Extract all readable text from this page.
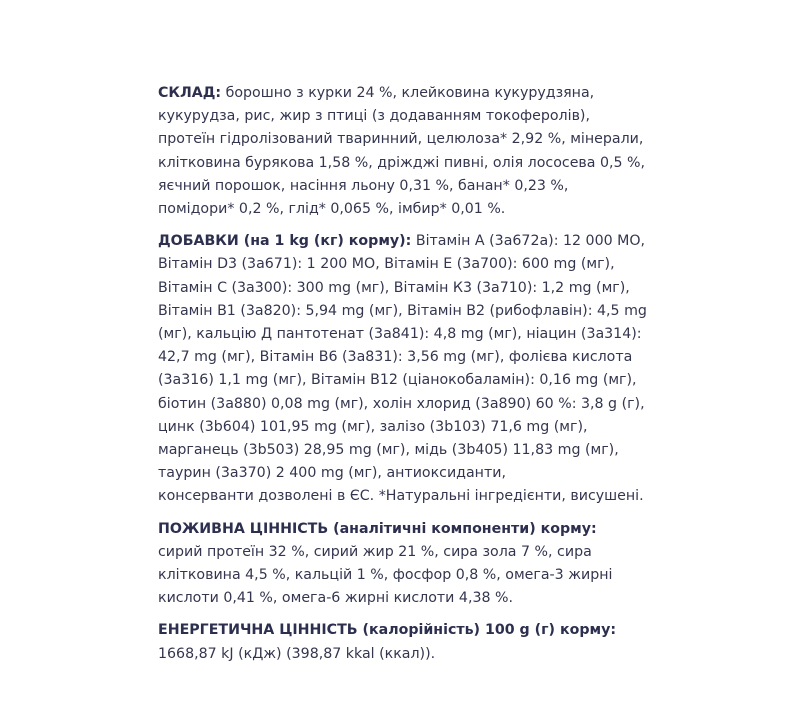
СКЛАД: борошно з курки 24 %, клейковина кукурудзяна,
кукурудза, рис, жир з птиці (з додаванням токоферолів),
протеїн гідролізований тваринний, целюлоза* 2,92 %, мінерали,
клітковина бурякова 1,58 %, дріжджі пивні, олія лососева 0,5 %,
яєчний порошок, насіння льону 0,31 %, банан* 0,23 %,
помідори* 0,2 %, глід* 0,065 %, імбир* 0,01 %.

ДОБАВКИ (на 1 kg (кг) корму): Вітамін А (3a672a): 12 000 МО,
Вітамін D3 (3a671): 1 200 МО, Вітамін Е (3a700): 600 mg (мг),
Вітамін С (3а300): 300 mg (мг), Вітамін К3 (3a710): 1,2 mg (мг),
Вітамін В1 (3a820): 5,94 mg (мг), Вітамін В2 (рибофлавін): 4,5 mg
(мг), кальцію Д пантотенат (3a841): 4,8 mg (мг), ніацин (3a314):
42,7 mg (мг), Вітамін В6 (3a831): 3,56 mg (мг), фолієва кислота
(3a316) 1,1 mg (мг), Вітамін В12 (ціанокобаламін): 0,16 mg (мг),
біотин (3a880) 0,08 mg (мг), холін хлорид (3a890) 60 %: 3,8 g (г),
цинк (3b604) 101,95 mg (мг), залізо (3b103) 71,6 mg (мг),
марганець (3b503) 28,95 mg (мг), мідь (3b405) 11,83 mg (мг),
таурин (3a370) 2 400 mg (мг), антиоксиданти,
консерванти дозволені в ЄС. *Натуральні інгредієнти, висушені.

ПОЖИВНА ЦІННІСТЬ (аналітичні компоненти) корму:
сирий протеїн 32 %, сирий жир 21 %, сира зола 7 %, сира
клітковина 4,5 %, кальцій 1 %, фосфор 0,8 %, омега-3 жирні
кислоти 0,41 %, омега-6 жирні кислоти 4,38 %.

ЕНЕРГЕТИЧНА ЦІННІСТЬ (калорійність) 100 g (г) корму:
1668,87 kJ (кДж) (398,87 kkal (ккал)).
